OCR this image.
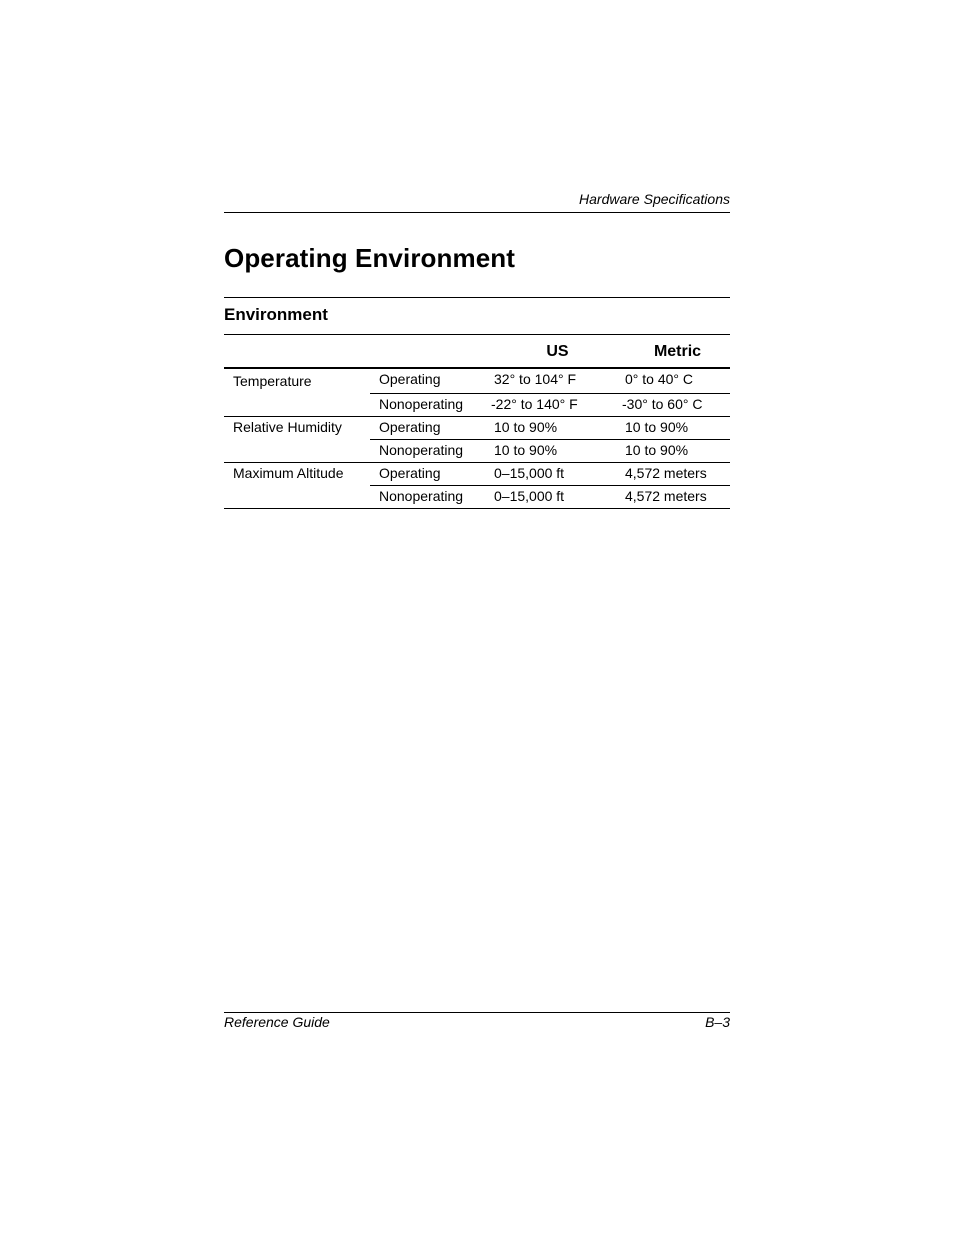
Hardware Specifications
Operating Environment
Environment
		US	Metric
Temperature	Operating	32° to 104° F	0° to 40° C
	Nonoperating	-22° to 140° F	-30° to 60° C
Relative Humidity	Operating	10 to 90%	10 to 90%
	Nonoperating	10 to 90%	10 to 90%
Maximum Altitude	Operating	0–15,000 ft	4,572 meters
	Nonoperating	0–15,000 ft	4,572 meters
Reference Guide	B–3
